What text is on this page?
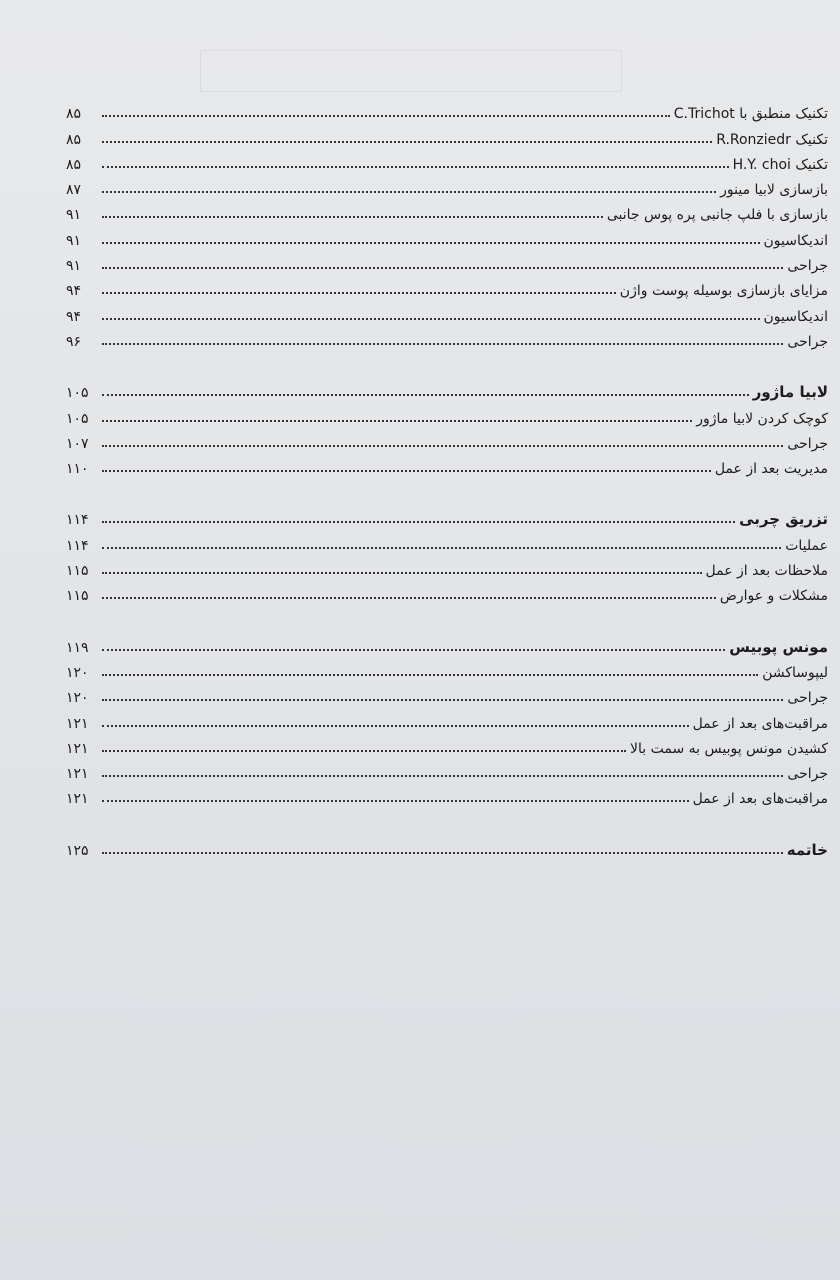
تکنیک منطبق با C.Trichot
۸۵
تکنیک R.Ronziedr
۸۵
تکنیک H.Y. choi
۸۵
بازسازی لابیا مینور
۸۷
بازسازی با فلپ جانبی پره پوس جانبی
۹۱
اندیکاسیون
۹۱
جراحی
۹۱
مزایای بازسازی بوسیله پوست واژن
۹۴
اندیکاسیون
۹۴
جراحی
۹۶
لابیا ماژور
۱۰۵
کوچک کردن لابیا ماژور
۱۰۵
جراحی
۱۰۷
مدیریت بعد از عمل
۱۱۰
تزریق چربی
۱۱۴
عملیات
۱۱۴
ملاحظات بعد از عمل
۱۱۵
مشکلات و عوارض
۱۱۵
مونس پوبیس
۱۱۹
لیپوساکشن
۱۲۰
جراحی
۱۲۰
مراقبت‌های بعد از عمل
۱۲۱
کشیدن مونس پوبیس به سمت بالا
۱۲۱
جراحی
۱۲۱
مراقبت‌های بعد از عمل
۱۲۱
خاتمه
۱۲۵
